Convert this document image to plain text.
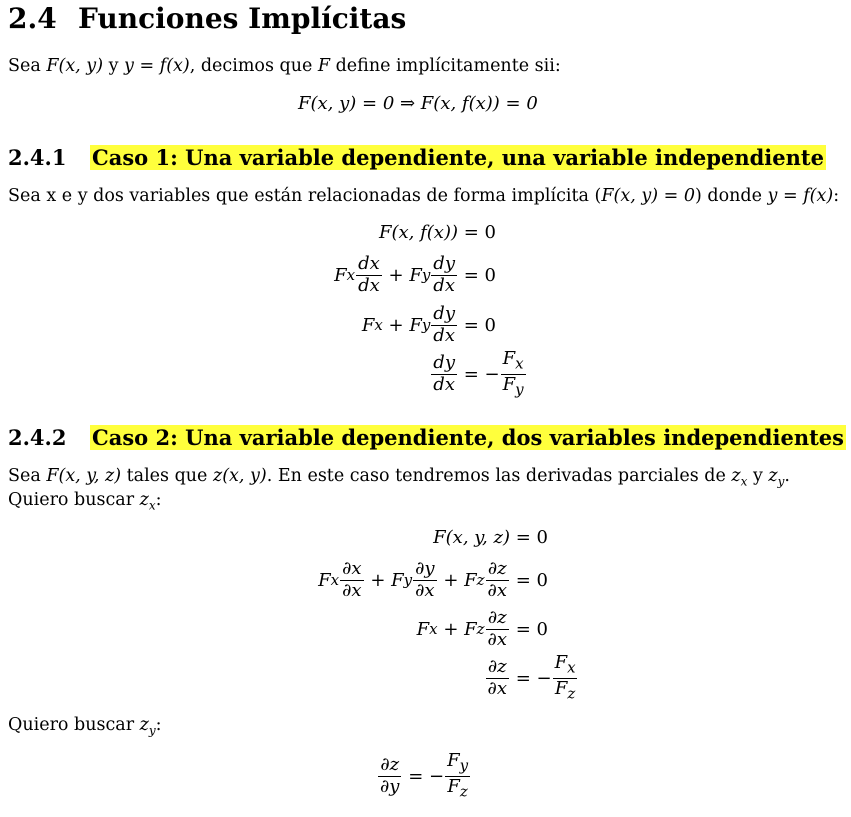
2.4 Funciones Implícitas
Sea F(x, y) y y = f(x), decimos que F define implícitamente sii:
F(x, y) = 0 ⇒ F(x, f(x)) = 0
2.4.1 Caso 1: Una variable dependiente, una variable independiente
Sea x e y dos variables que están relacionadas de forma implícita (F(x, y) = 0) donde y = f(x):
F(x, f(x)) = 0
F x $\frac{dx}{dx} + F$ y $\frac{dy}{dx} = 0$
F x + F y $\frac{dy}{dx} = 0$
$\frac{dy}{dx}$ = − $\frac{F_x}{F_y}$
2.4.2 Caso 2: Una variable dependiente, dos variables independientes
Sea F(x, y, z) tales que z(x, y). En este caso tendremos las derivadas parciales de $z_x$ y $z_y$.
Quiero buscar $z_x$:
F(x, y, z) = 0
F x $\frac{\partial x}{\partial x} + F$ y $\frac{\partial y}{\partial x} + F$ z $\frac{\partial z}{\partial x} = 0$
F x + F z $\frac{\partial z}{\partial x} = 0$
$\frac{\partial z}{\partial x}$ = − $\frac{F_x}{F_z}$
Quiero buscar $z_y$:
$\frac{\partial z}{\partial y}$ = − $\frac{F_y}{F_z}$
